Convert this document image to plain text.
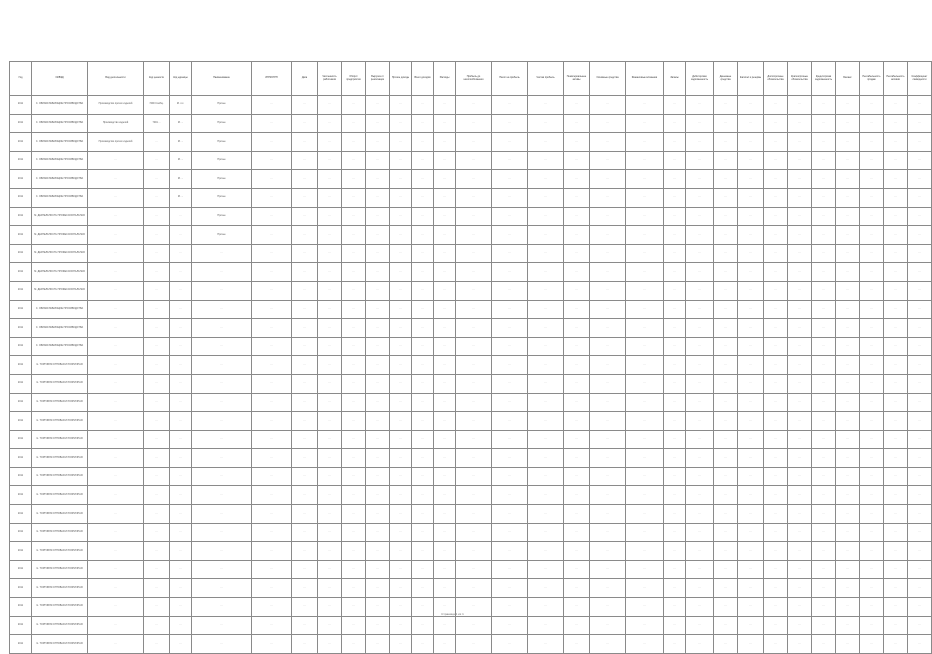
Год	ОКВЭД	Вид деятельности	Код ценности	Код единицы	Наименование	ИНН/ОГРН	Дата	Численность работников	Оборот предприятия	Выручка от реализации	Прочие доходы	Всего доходов	Расходы	Прибыль до налогообложения	Налог на прибыль	Чистая прибыль	Нематериальные активы	Основные средства	Финансовые вложения	Запасы	Дебиторская задолженность	Денежные средства	Капитал и резервы	Долгосрочные обязательства	Краткосрочные обязательства	Кредиторская задолженность	Баланс	Рентабельность продаж	Рентабельность активов	Коэффициент ликвидности
2011	С. ОБРАБАТЫВАЮЩИЕ ПРОИЗВОДСТВА	Производство прочих изделий	7490 Сообщ.	М. л.с.	Прочее	...	...	...	...	...	...	...	...	...	...	...	...	...	...	...	...	...	...	...	...	...	...	...	...	...
2011	С. ОБРАБАТЫВАЮЩИЕ ПРОИЗВОДСТВА	Производство изделий	7491 ...	М. ...	Прочее	...	...	...	...	...	...	...	...	...	...	...	...	...	...	...	...	...	...	...	...	...	...	...	...	...
2011	С. ОБРАБАТЫВАЮЩИЕ ПРОИЗВОДСТВА	Производство прочих изделий	...	М. ...	Прочее	...	...	...	...	...	...	...	...	...	...	...	...	...	...	...	...	...	...	...	...	...	...	...	...	...
2011	С. ОБРАБАТЫВАЮЩИЕ ПРОИЗВОДСТВА	...	...	М. ...	Прочее	...	...	...	...	...	...	...	...	...	...	...	...	...	...	...	...	...	...	...	...	...	...	...	...	...
2011	С. ОБРАБАТЫВАЮЩИЕ ПРОИЗВОДСТВА	...	...	М. ...	Прочее	...	...	...	...	...	...	...	...	...	...	...	...	...	...	...	...	...	...	...	...	...	...	...	...	...
2011	С. ОБРАБАТЫВАЮЩИЕ ПРОИЗВОДСТВА	...	...	М. ...	Прочее	...	...	...	...	...	...	...	...	...	...	...	...	...	...	...	...	...	...	...	...	...	...	...	...	...
2011	М. ДЕЯТЕЛЬНОСТЬ ПРОФЕССИОНАЛЬНАЯ	...	...	...	Прочее	...	...	...	...	...	...	...	...	...	...	...	...	...	...	...	...	...	...	...	...	...	...	...	...	...
2011	М. ДЕЯТЕЛЬНОСТЬ ПРОФЕССИОНАЛЬНАЯ	...	...	...	Прочее	...	...	...	...	...	...	...	...	...	...	...	...	...	...	...	...	...	...	...	...	...	...	...	...	...
2011	М. ДЕЯТЕЛЬНОСТЬ ПРОФЕССИОНАЛЬНАЯ	...	...	...	...	...	...	...	...	...	...	...	...	...	...	...	...	...	...	...	...	...	...	...	...	...	...	...	...	...
2011	М. ДЕЯТЕЛЬНОСТЬ ПРОФЕССИОНАЛЬНАЯ	...	...	...	...	...	...	...	...	...	...	...	...	...	...	...	...	...	...	...	...	...	...	...	...	...	...	...	...	...
2011	М. ДЕЯТЕЛЬНОСТЬ ПРОФЕССИОНАЛЬНАЯ	...	...	...	...	...	...	...	...	...	...	...	...	...	...	...	...	...	...	...	...	...	...	...	...	...	...	...	...	...
2011	С. ОБРАБАТЫВАЮЩИЕ ПРОИЗВОДСТВА	...	...	...	...	...	...	...	...	...	...	...	...	...	...	...	...	...	...	...	...	...	...	...	...	...	...	...	...	...
2011	С. ОБРАБАТЫВАЮЩИЕ ПРОИЗВОДСТВА	...	...	...	...	...	...	...	...	...	...	...	...	...	...	...	...	...	...	...	...	...	...	...	...	...	...	...	...	...
2011	С. ОБРАБАТЫВАЮЩИЕ ПРОИЗВОДСТВА	...	...	...	...	...	...	...	...	...	...	...	...	...	...	...	...	...	...	...	...	...	...	...	...	...	...	...	...	...
2011	G. ТОРГОВЛЯ ОПТОВАЯ И РОЗНИЧНАЯ	...	...	...	...	...	...	...	...	...	...	...	...	...	...	...	...	...	...	...	...	...	...	...	...	...	...	...	...	...
2011	G. ТОРГОВЛЯ ОПТОВАЯ И РОЗНИЧНАЯ	...	...	...	...	...	...	...	...	...	...	...	...	...	...	...	...	...	...	...	...	...	...	...	...	...	...	...	...	...
2011	G. ТОРГОВЛЯ ОПТОВАЯ И РОЗНИЧНАЯ	...	...	...	...	...	...	...	...	...	...	...	...	...	...	...	...	...	...	...	...	...	...	...	...	...	...	...	...	...
2011	G. ТОРГОВЛЯ ОПТОВАЯ И РОЗНИЧНАЯ	...	...	...	...	...	...	...	...	...	...	...	...	...	...	...	...	...	...	...	...	...	...	...	...	...	...	...	...	...
2011	G. ТОРГОВЛЯ ОПТОВАЯ И РОЗНИЧНАЯ	...	...	...	...	...	...	...	...	...	...	...	...	...	...	...	...	...	...	...	...	...	...	...	...	...	...	...	...	...
2011	G. ТОРГОВЛЯ ОПТОВАЯ И РОЗНИЧНАЯ	...	...	...	...	...	...	...	...	...	...	...	...	...	...	...	...	...	...	...	...	...	...	...	...	...	...	...	...	...
2011	G. ТОРГОВЛЯ ОПТОВАЯ И РОЗНИЧНАЯ	...	...	...	...	...	...	...	...	...	...	...	...	...	...	...	...	...	...	...	...	...	...	...	...	...	...	...	...	...
2011	G. ТОРГОВЛЯ ОПТОВАЯ И РОЗНИЧНАЯ	...	...	...	...	...	...	...	...	...	...	...	...	...	...	...	...	...	...	...	...	...	...	...	...	...	...	...	...	...
2011	G. ТОРГОВЛЯ ОПТОВАЯ И РОЗНИЧНАЯ	...	...	...	...	...	...	...	...	...	...	...	...	...	...	...	...	...	...	...	...	...	...	...	...	...	...	...	...	...
2011	G. ТОРГОВЛЯ ОПТОВАЯ И РОЗНИЧНАЯ	...	...	...	...	...	...	...	...	...	...	...	...	...	...	...	...	...	...	...	...	...	...	...	...	...	...	...	...	...
2011	G. ТОРГОВЛЯ ОПТОВАЯ И РОЗНИЧНАЯ	...	...	...	...	...	...	...	...	...	...	...	...	...	...	...	...	...	...	...	...	...	...	...	...	...	...	...	...	...
2011	G. ТОРГОВЛЯ ОПТОВАЯ И РОЗНИЧНАЯ	...	...	...	...	...	...	...	...	...	...	...	...	...	...	...	...	...	...	...	...	...	...	...	...	...	...	...	...	...
2011	G. ТОРГОВЛЯ ОПТОВАЯ И РОЗНИЧНАЯ	...	...	...	...	...	...	...	...	...	...	...	...	...	...	...	...	...	...	...	...	...	...	...	...	...	...	...	...	...
2011	G. ТОРГОВЛЯ ОПТОВАЯ И РОЗНИЧНАЯ	...	...	...	...	...	...	...	...	...	...	...	...	...	...	...	...	...	...	...	...	...	...	...	...	...	...	...	...	...
2011	G. ТОРГОВЛЯ ОПТОВАЯ И РОЗНИЧНАЯ	...	...	...	...	...	...	...	...	...	...	...	...	...	...	...	...	...	...	...	...	...	...	...	...	...	...	...	...	...
2011	G. ТОРГОВЛЯ ОПТОВАЯ И РОЗНИЧНАЯ	...	...	...	...	...	...	...	...	...	...	...	...	...	...	...	...	...	...	...	...	...	...	...	...	...	...	...	...	...
Страница 1 из 1
